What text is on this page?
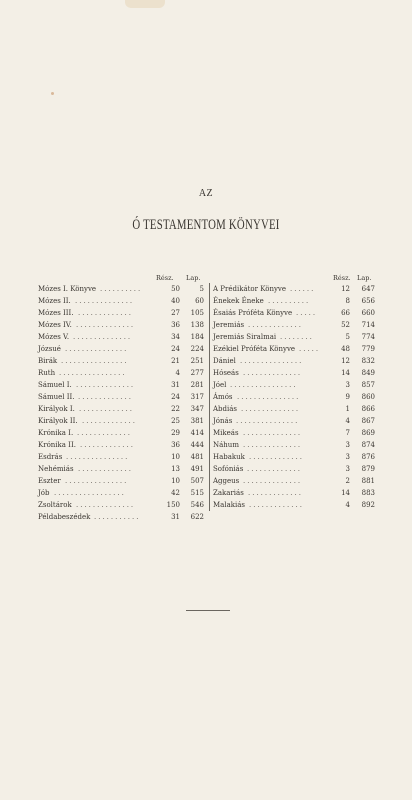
AZ
Ó TESTAMENTOM KÖNYVEI
Rész. Lap.
Mózes I. Könyve ..........	50	5
Mózes II. ..............	40	60
Mózes III. .............	27	105
Mózes IV. ..............	36	138
Mózes V. ..............	34	184
Józsué ...............	24	224
Birák ................	21	251
Ruth ................	4	277
Sámuel I. ..............	31	281
Sámuel II. .............	24	317
Királyok I. .............	22	347
Királyok II. .............	25	381
Krónika I. .............	29	414
Krónika II. .............	36	444
Esdrás ...............	10	481
Nehémiás .............	13	491
Eszter ...............	10	507
Jób .................	42	515
Zsoltárok ..............	150	546
Példabeszédek ...........	31	622
Rész. Lap.
A Prédikátor Könyve ......	12	647
Énekek Éneke ..........	8	656
Ésaiás Próféta Könyve .....	66	660
Jeremiás .............	52	714
Jeremiás Siralmai ........	5	774
Ezékiel Próféta Könyve .....	48	779
Dániel ...............	12	832
Hóseás ..............	14	849
Jóel ................	3	857
Ámós ...............	9	860
Abdiás ..............	1	866
Jónás ...............	4	867
Mikeás ..............	7	869
Náhum ..............	3	874
Habakuk .............	3	876
Sofóniás .............	3	879
Aggeus ..............	2	881
Zakariás .............	14	883
Malakiás .............	4	892
